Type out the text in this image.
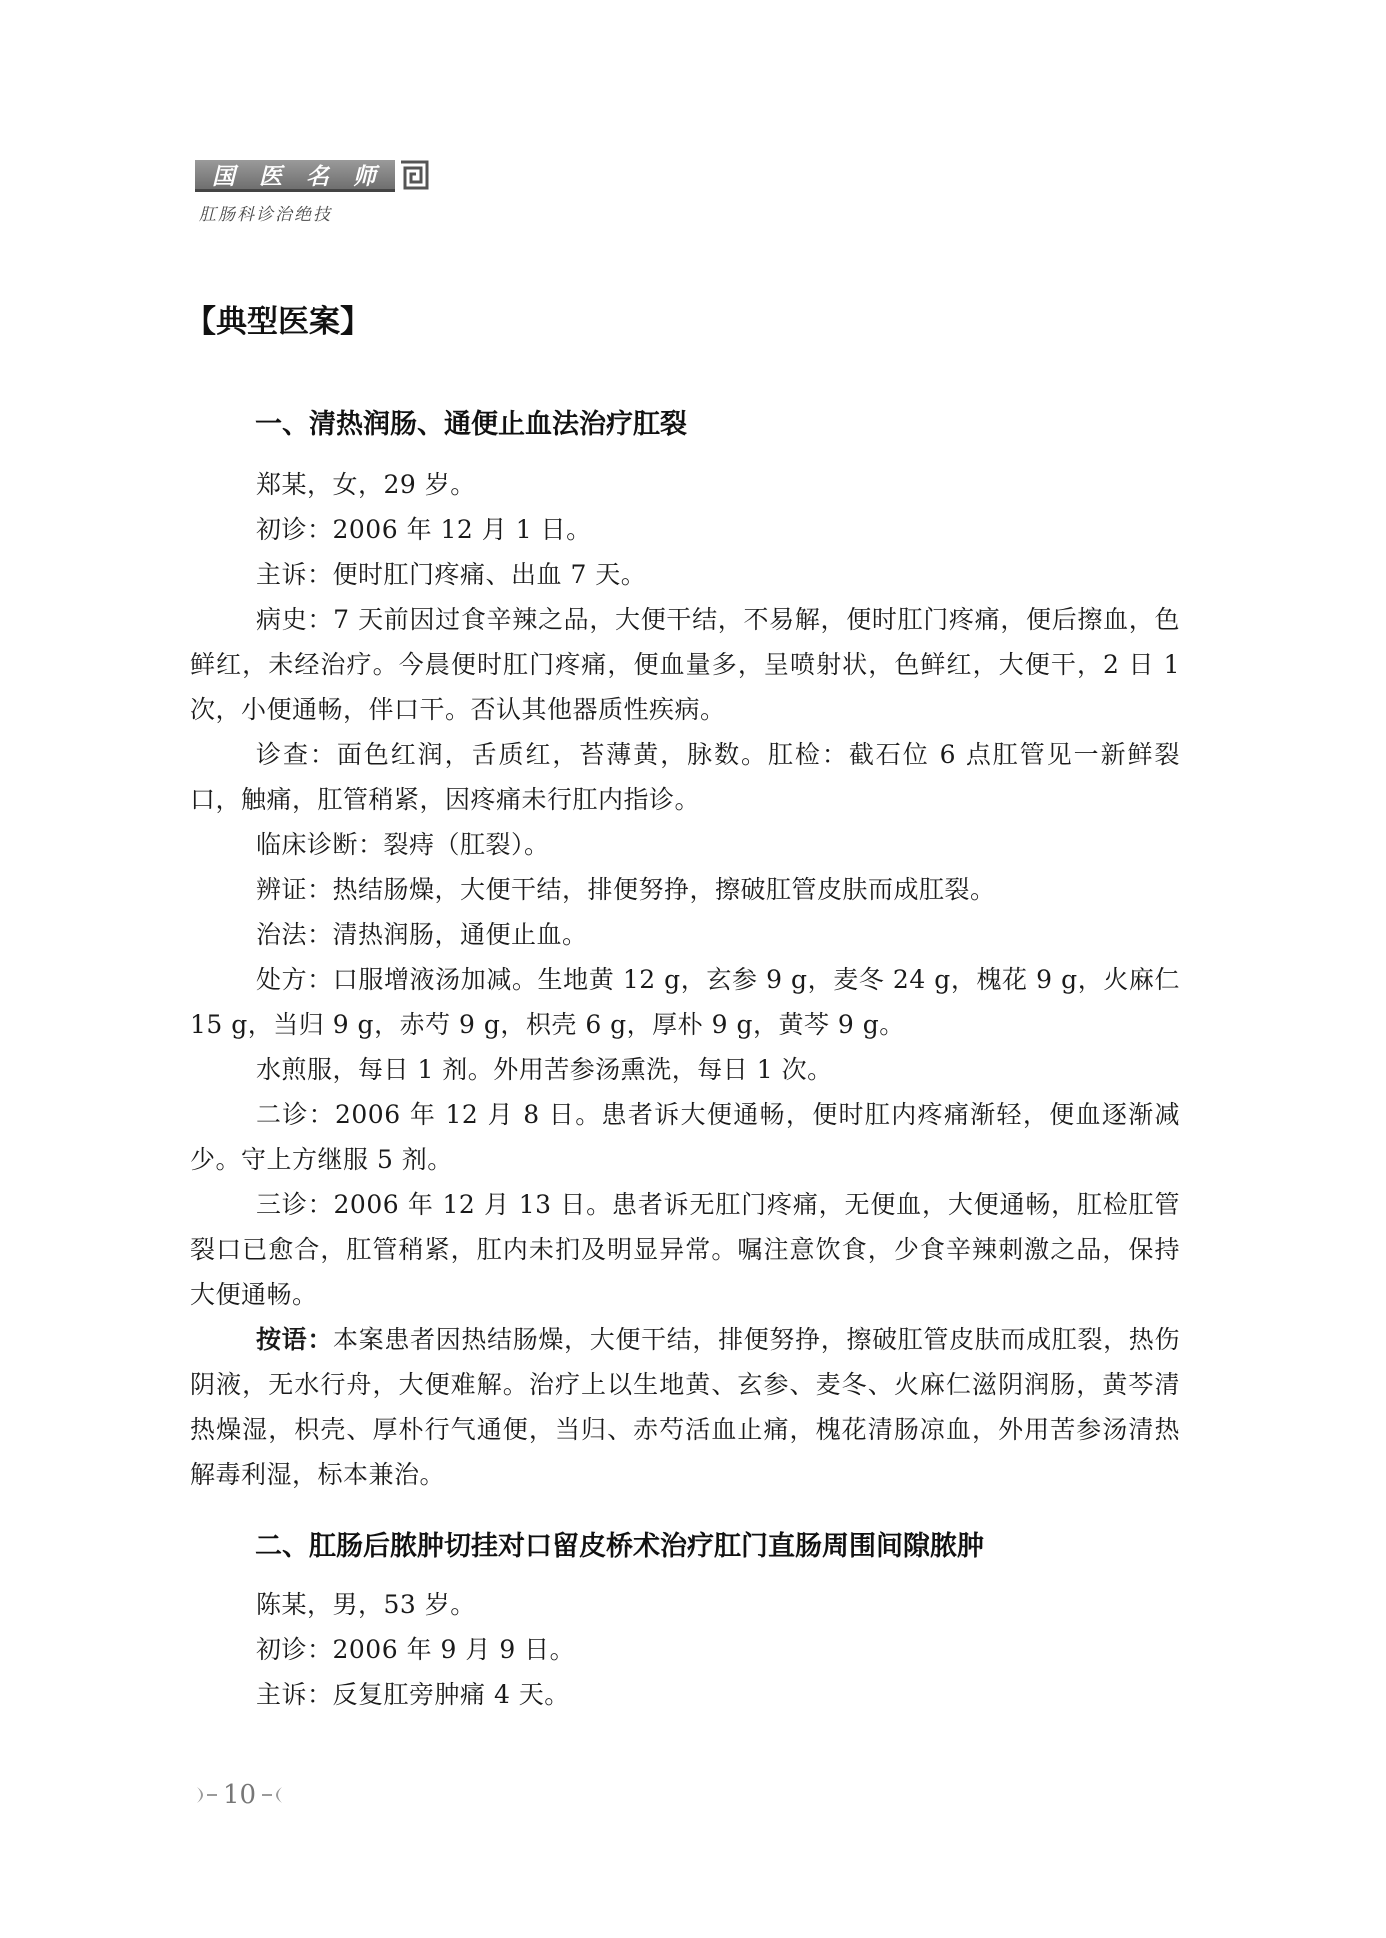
国 医 名 师
肛肠科诊治绝技
【典型医案】
一、清热润肠、通便止血法治疗肛裂

郑某，女，29 岁。

初诊：2006 年 12 月 1 日。

主诉：便时肛门疼痛、出血 7 天。

病史：7 天前因过食辛辣之品，大便干结，不易解，便时肛门疼痛，便后擦血，色鲜红，未经治疗。今晨便时肛门疼痛，便血量多，呈喷射状，色鲜红，大便干，2 日 1 次，小便通畅，伴口干。否认其他器质性疾病。

诊查：面色红润，舌质红，苔薄黄，脉数。肛检：截石位 6 点肛管见一新鲜裂口，触痛，肛管稍紧，因疼痛未行肛内指诊。

临床诊断：裂痔（肛裂）。

辨证：热结肠燥，大便干结，排便努挣，擦破肛管皮肤而成肛裂。

治法：清热润肠，通便止血。

处方：口服增液汤加减。生地黄 12 g，玄参 9 g，麦冬 24 g，槐花 9 g，火麻仁 15 g，当归 9 g，赤芍 9 g，枳壳 6 g，厚朴 9 g，黄芩 9 g。

水煎服，每日 1 剂。外用苦参汤熏洗，每日 1 次。

二诊：2006 年 12 月 8 日。患者诉大便通畅，便时肛内疼痛渐轻，便血逐渐减少。守上方继服 5 剂。

三诊：2006 年 12 月 13 日。患者诉无肛门疼痛，无便血，大便通畅，肛检肛管裂口已愈合，肛管稍紧，肛内未扪及明显异常。嘱注意饮食，少食辛辣刺激之品，保持大便通畅。

按语：本案患者因热结肠燥，大便干结，排便努挣，擦破肛管皮肤而成肛裂，热伤阴液，无水行舟，大便难解。治疗上以生地黄、玄参、麦冬、火麻仁滋阴润肠，黄芩清热燥湿，枳壳、厚朴行气通便，当归、赤芍活血止痛，槐花清肠凉血，外用苦参汤清热解毒利湿，标本兼治。

二、肛肠后脓肿切挂对口留皮桥术治疗肛门直肠周围间隙脓肿

陈某，男，53 岁。

初诊：2006 年 9 月 9 日。

主诉：反复肛旁肿痛 4 天。

10
